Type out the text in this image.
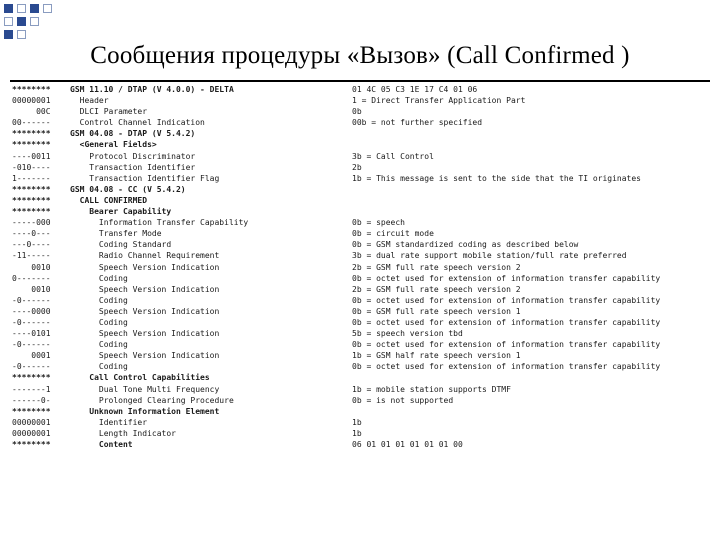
Сообщения процедуры «Вызов» (Call Confirmed )
********	GSM 11.10 / DTAP (V 4.0.0) - DELTA	01 4C 05 C3 1E 17 C4 01 06
00000001	Header	1 = Direct Transfer Application Part
00C	DLCI Parameter	0b
00------	Control Channel Indication	00b = not further specified
********	GSM 04.08 - DTAP (V 5.4.2)
********	<General Fields>
----0011	Protocol Discriminator	3b = Call Control
-010----	Transaction Identifier	2b
1-------	Transaction Identifier Flag	1b = This message is sent to the side that the TI originates
********	GSM 04.08 - CC (V 5.4.2)
********	CALL CONFIRMED
********	Bearer Capability
-----000	Information Transfer Capability	0b = speech
----0---	Transfer Mode	0b = circuit mode
---0----	Coding Standard	0b = GSM standardized coding as described below
-11-----	Radio Channel Requirement	3b = dual rate support mobile station/full rate preferred
0010	Speech Version Indication	2b = GSM full rate speech version 2
0-------	Coding	0b = octet used for extension of information transfer capability
0010	Speech Version Indication	2b = GSM full rate speech version 2
-0------	Coding	0b = octet used for extension of information transfer capability
----0000	Speech Version Indication	0b = GSM full rate speech version 1
-0------	Coding	0b = octet used for extension of information transfer capability
----0101	Speech Version Indication	5b = speech version tbd
-0------	Coding	0b = octet used for extension of information transfer capability
0001	Speech Version Indication	1b = GSM half rate speech version 1
-0------	Coding	0b = octet used for extension of information transfer capability
********	Call Control Capabilities
-------1	Dual Tone Multi Frequency	1b = mobile station supports DTMF
------0-	Prolonged Clearing Procedure	0b = is not supported
********	Unknown Information Element
00000001	Identifier	1b
00000001	Length Indicator	1b
********	Content	06 01 01 01 01 01 01 00
